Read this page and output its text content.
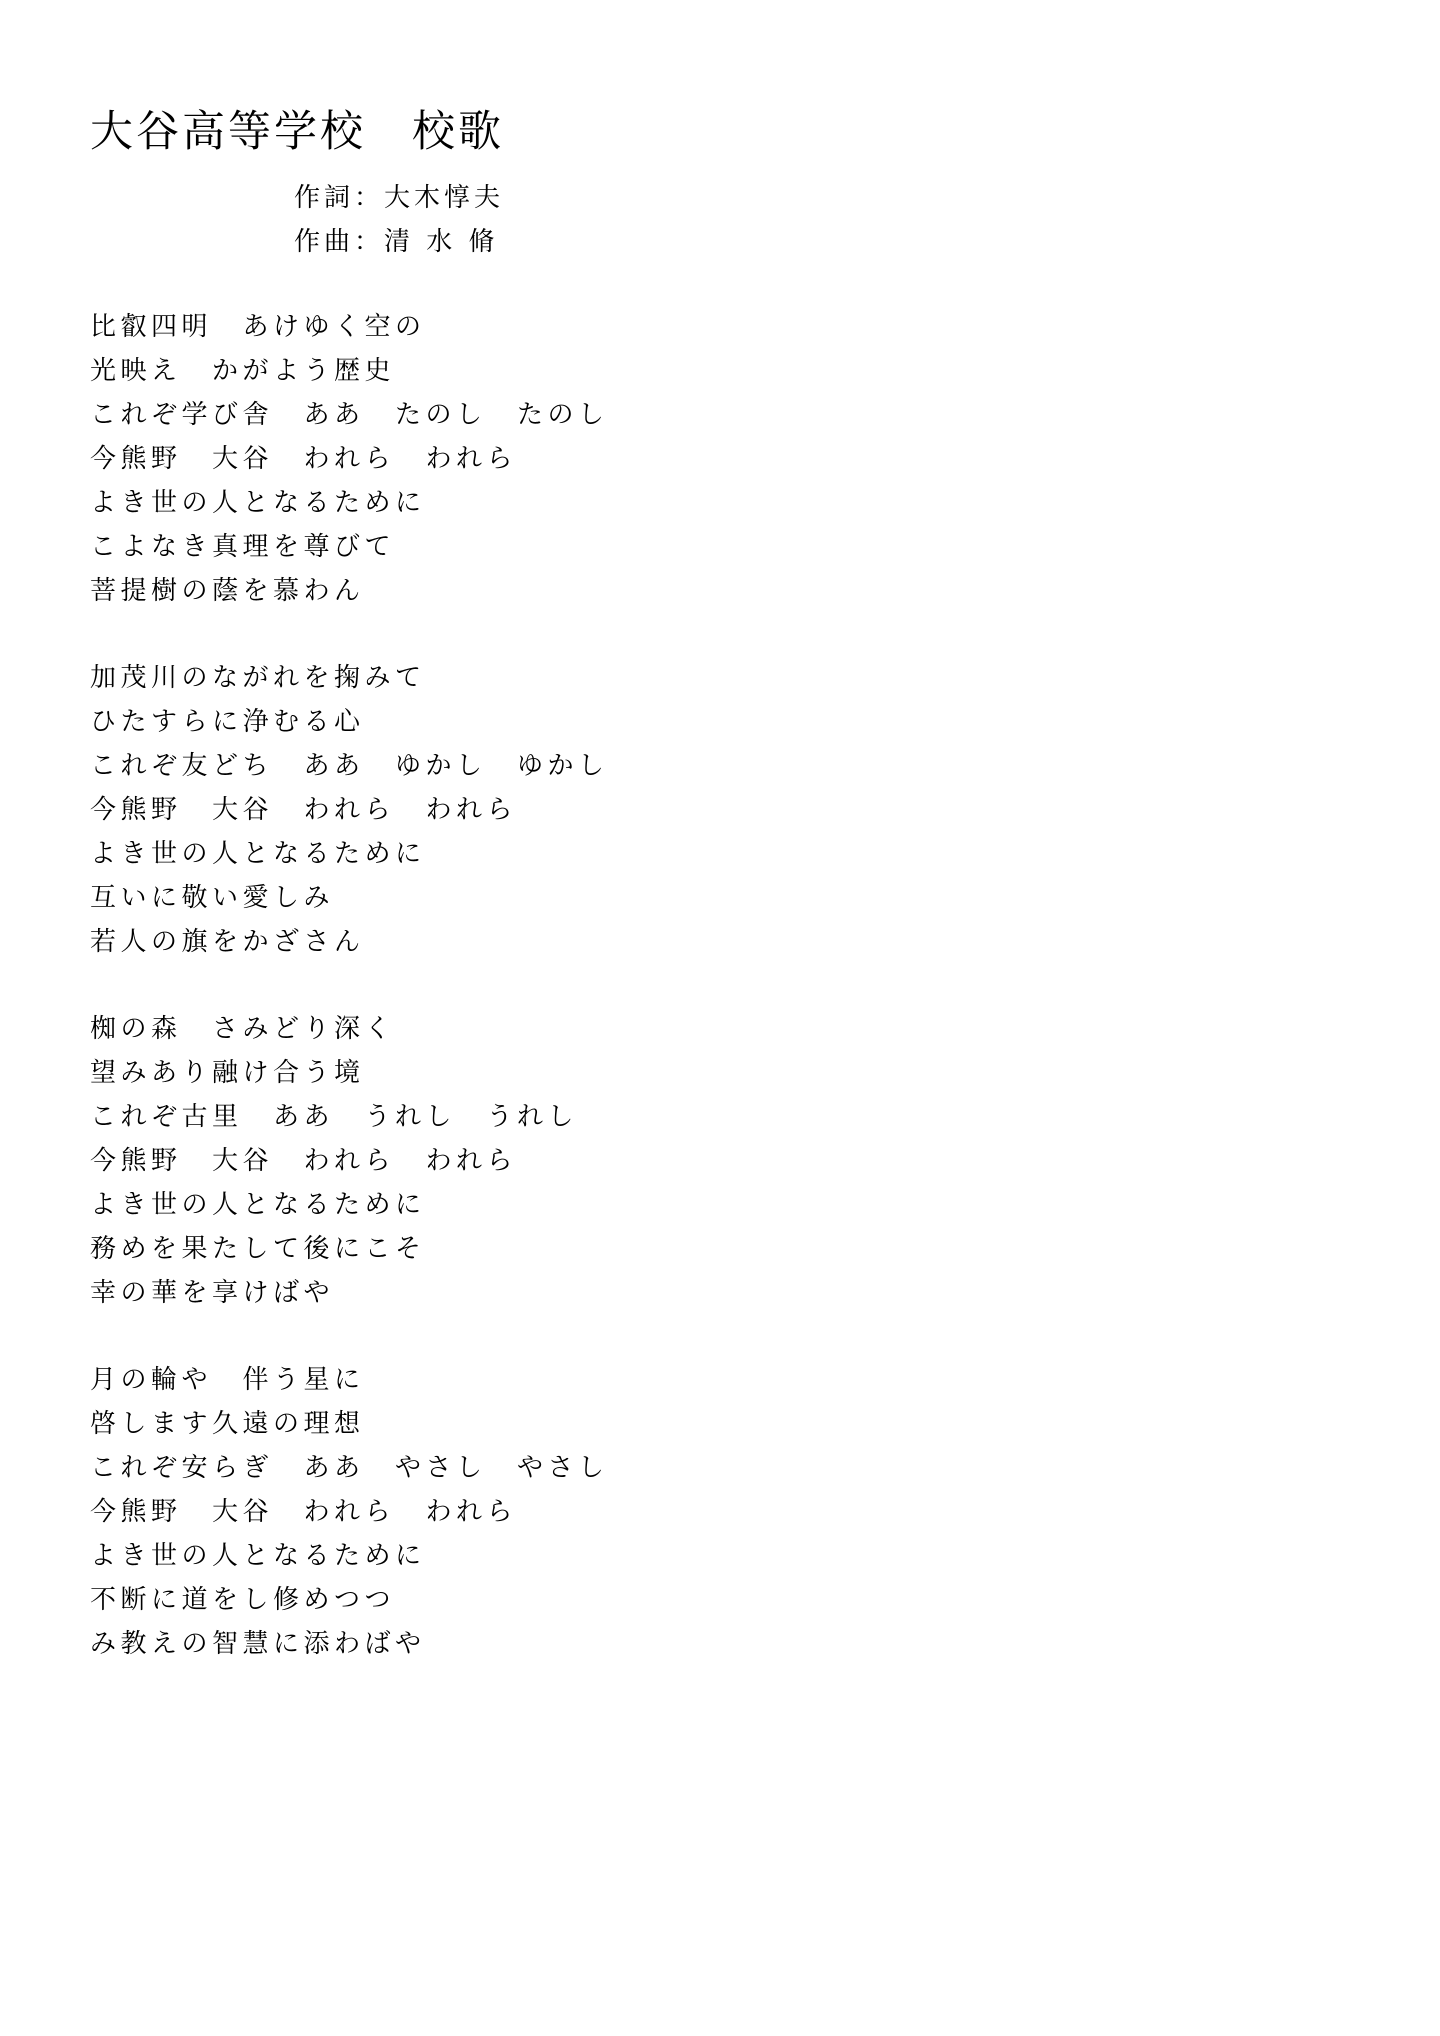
大谷高等学校　校歌
作詞：大木惇夫
作曲：清 水 脩
比叡四明　あけゆく空の
光映え　かがよう歴史
これぞ学び舎　ああ　たのし　たのし
今熊野　大谷　われら　われら
よき世の人となるために
こよなき真理を尊びて
菩提樹の蔭を慕わん
加茂川のながれを掬みて
ひたすらに浄むる心
これぞ友どち　ああ　ゆかし　ゆかし
今熊野　大谷　われら　われら
よき世の人となるために
互いに敬い愛しみ
若人の旗をかざさん
椥の森　さみどり深く
望みあり融け合う境
これぞ古里　ああ　うれし　うれし
今熊野　大谷　われら　われら
よき世の人となるために
務めを果たして後にこそ
幸の華を享けばや
月の輪や　伴う星に
啓します久遠の理想
これぞ安らぎ　ああ　やさし　やさし
今熊野　大谷　われら　われら
よき世の人となるために
不断に道をし修めつつ
み教えの智慧に添わばや
